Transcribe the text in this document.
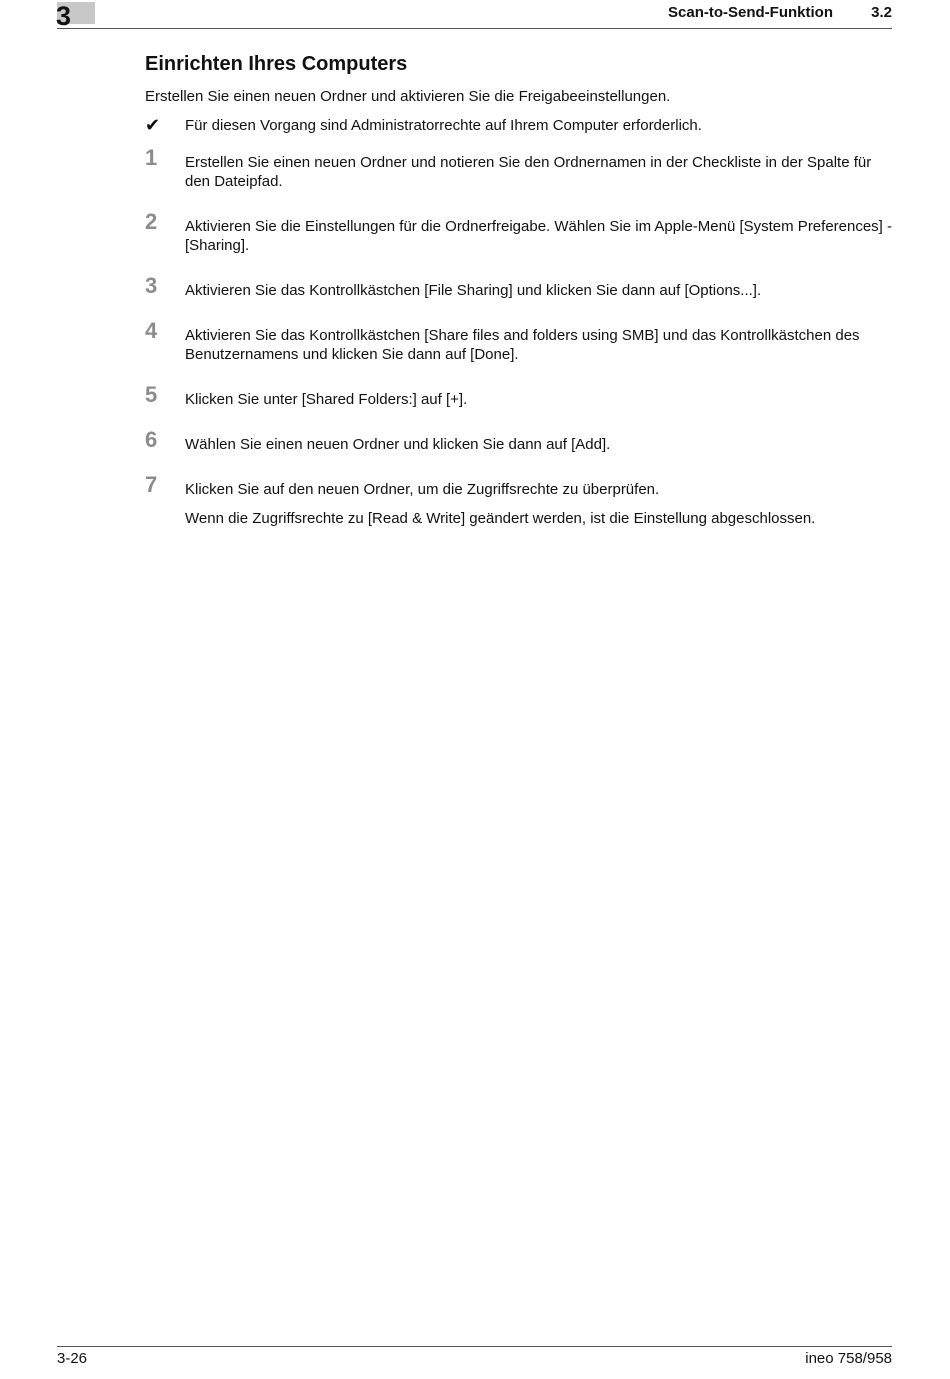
3	Scan-to-Send-Funktion	3.2
Einrichten Ihres Computers

Erstellen Sie einen neuen Ordner und aktivieren Sie die Freigabeeinstellungen.

✔ Für diesen Vorgang sind Administratorrechte auf Ihrem Computer erforderlich.

1 Erstellen Sie einen neuen Ordner und notieren Sie den Ordnernamen in der Checkliste in der Spalte für den Dateipfad.

2 Aktivieren Sie die Einstellungen für die Ordnerfreigabe. Wählen Sie im Apple-Menü [System Preferences] - [Sharing].

3 Aktivieren Sie das Kontrollkästchen [File Sharing] und klicken Sie dann auf [Options...].

4 Aktivieren Sie das Kontrollkästchen [Share files and folders using SMB] und das Kontrollkästchen des Benutzernamens und klicken Sie dann auf [Done].

5 Klicken Sie unter [Shared Folders:] auf [+].

6 Wählen Sie einen neuen Ordner und klicken Sie dann auf [Add].

7 Klicken Sie auf den neuen Ordner, um die Zugriffsrechte zu überprüfen.

Wenn die Zugriffsrechte zu [Read & Write] geändert werden, ist die Einstellung abgeschlossen.

3-26	ineo 758/958
